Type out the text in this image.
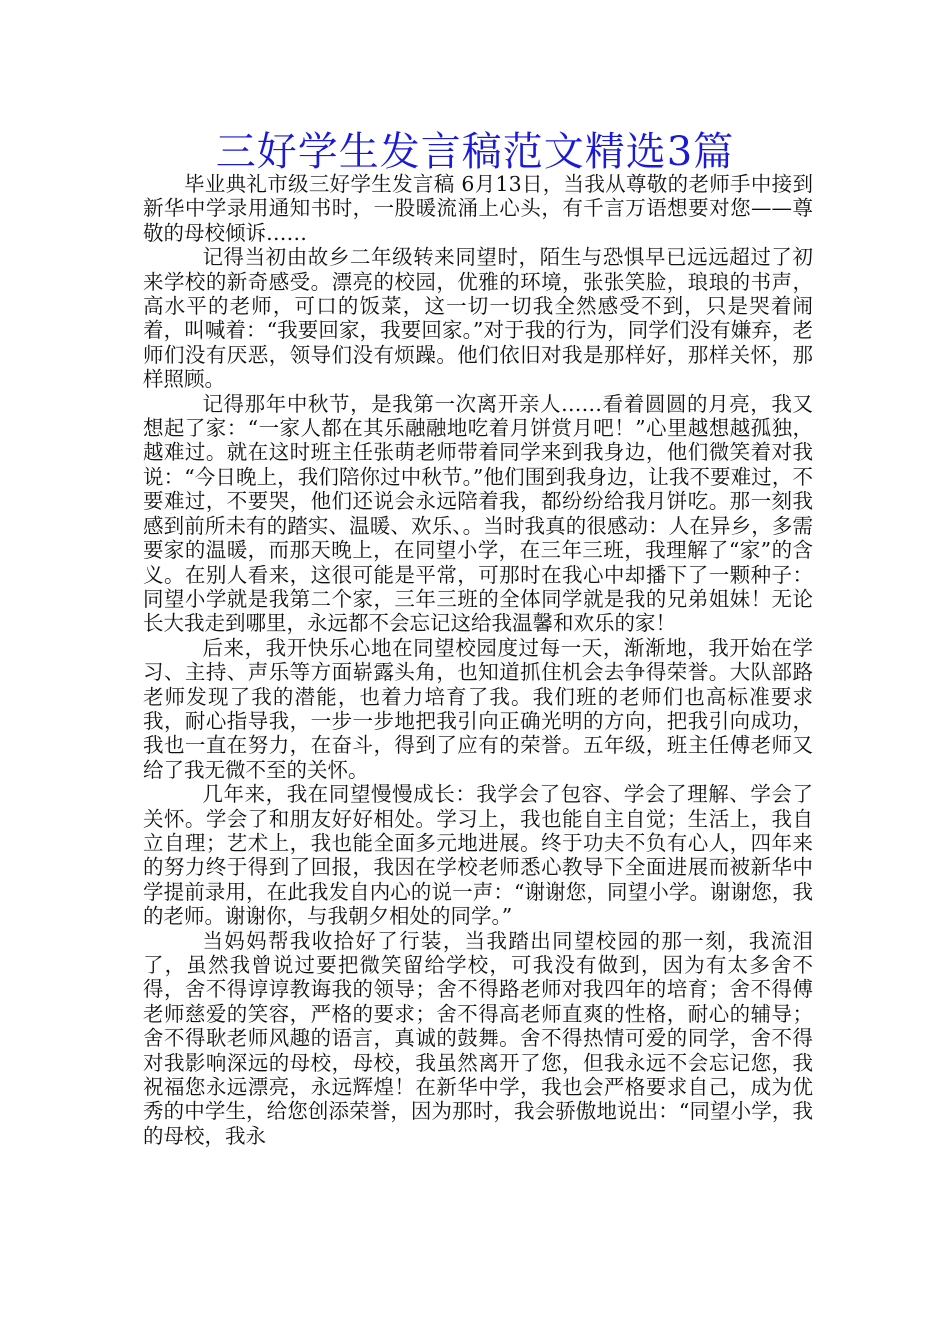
三好学生发言稿范文精选3篇

毕业典礼市级三好学生发言稿 6月13日，当我从尊敬的老师手中接到新华中学录用通知书时，一股暖流涌上心头，有千言万语想要对您——尊敬的母校倾诉……

记得当初由故乡二年级转来同望时，陌生与恐惧早已远远超过了初来学校的新奇感受。漂亮的校园，优雅的环境，张张笑脸，琅琅的书声，高水平的老师，可口的饭菜，这一切一切我全然感受不到，只是哭着闹着，叫喊着：“我要回家，我要回家。”对于我的行为，同学们没有嫌弃，老师们没有厌恶，领导们没有烦躁。他们依旧对我是那样好，那样关怀，那样照顾。

记得那年中秋节，是我第一次离开亲人……看着圆圆的月亮，我又想起了家：“一家人都在其乐融融地吃着月饼赏月吧！”心里越想越孤独，越难过。就在这时班主任张萌老师带着同学来到我身边，他们微笑着对我说：“今日晚上，我们陪你过中秋节。”他们围到我身边，让我不要难过，不要难过，不要哭，他们还说会永远陪着我，都纷纷给我月饼吃。那一刻我感到前所未有的踏实、温暖、欢乐、。当时我真的很感动：人在异乡，多需要家的温暖，而那天晚上，在同望小学，在三年三班，我理解了“家”的含义。在别人看来，这很可能是平常，可那时在我心中却播下了一颗种子：同望小学就是我第二个家，三年三班的全体同学就是我的兄弟姐妹！无论长大我走到哪里，永远都不会忘记这给我温馨和欢乐的家！

后来，我开快乐心地在同望校园度过每一天，渐渐地，我开始在学习、主持、声乐等方面崭露头角，也知道抓住机会去争得荣誉。大队部路老师发现了我的潜能，也着力培育了我。我们班的老师们也高标准要求我，耐心指导我，一步一步地把我引向正确光明的方向，把我引向成功，我也一直在努力，在奋斗，得到了应有的荣誉。五年级，班主任傅老师又给了我无微不至的关怀。

几年来，我在同望慢慢成长：我学会了包容、学会了理解、学会了关怀。学会了和朋友好好相处。学习上，我也能自主自觉；生活上，我自立自理；艺术上，我也能全面多元地进展。终于功夫不负有心人，四年来的努力终于得到了回报，我因在学校老师悉心教导下全面进展而被新华中学提前录用，在此我发自内心的说一声：“谢谢您，同望小学。谢谢您，我的老师。谢谢你，与我朝夕相处的同学。”

当妈妈帮我收拾好了行装，当我踏出同望校园的那一刻，我流泪了，虽然我曾说过要把微笑留给学校，可我没有做到，因为有太多舍不得，舍不得谆谆教诲我的领导；舍不得路老师对我四年的培育；舍不得傅老师慈爱的笑容，严格的要求；舍不得高老师直爽的性格，耐心的辅导；舍不得耿老师风趣的语言，真诚的鼓舞。舍不得热情可爱的同学，舍不得对我影响深远的母校，母校，我虽然离开了您，但我永远不会忘记您，我祝福您永远漂亮，永远辉煌！在新华中学，我也会严格要求自己，成为优秀的中学生，给您创添荣誉，因为那时，我会骄傲地说出：“同望小学，我的母校，我永
